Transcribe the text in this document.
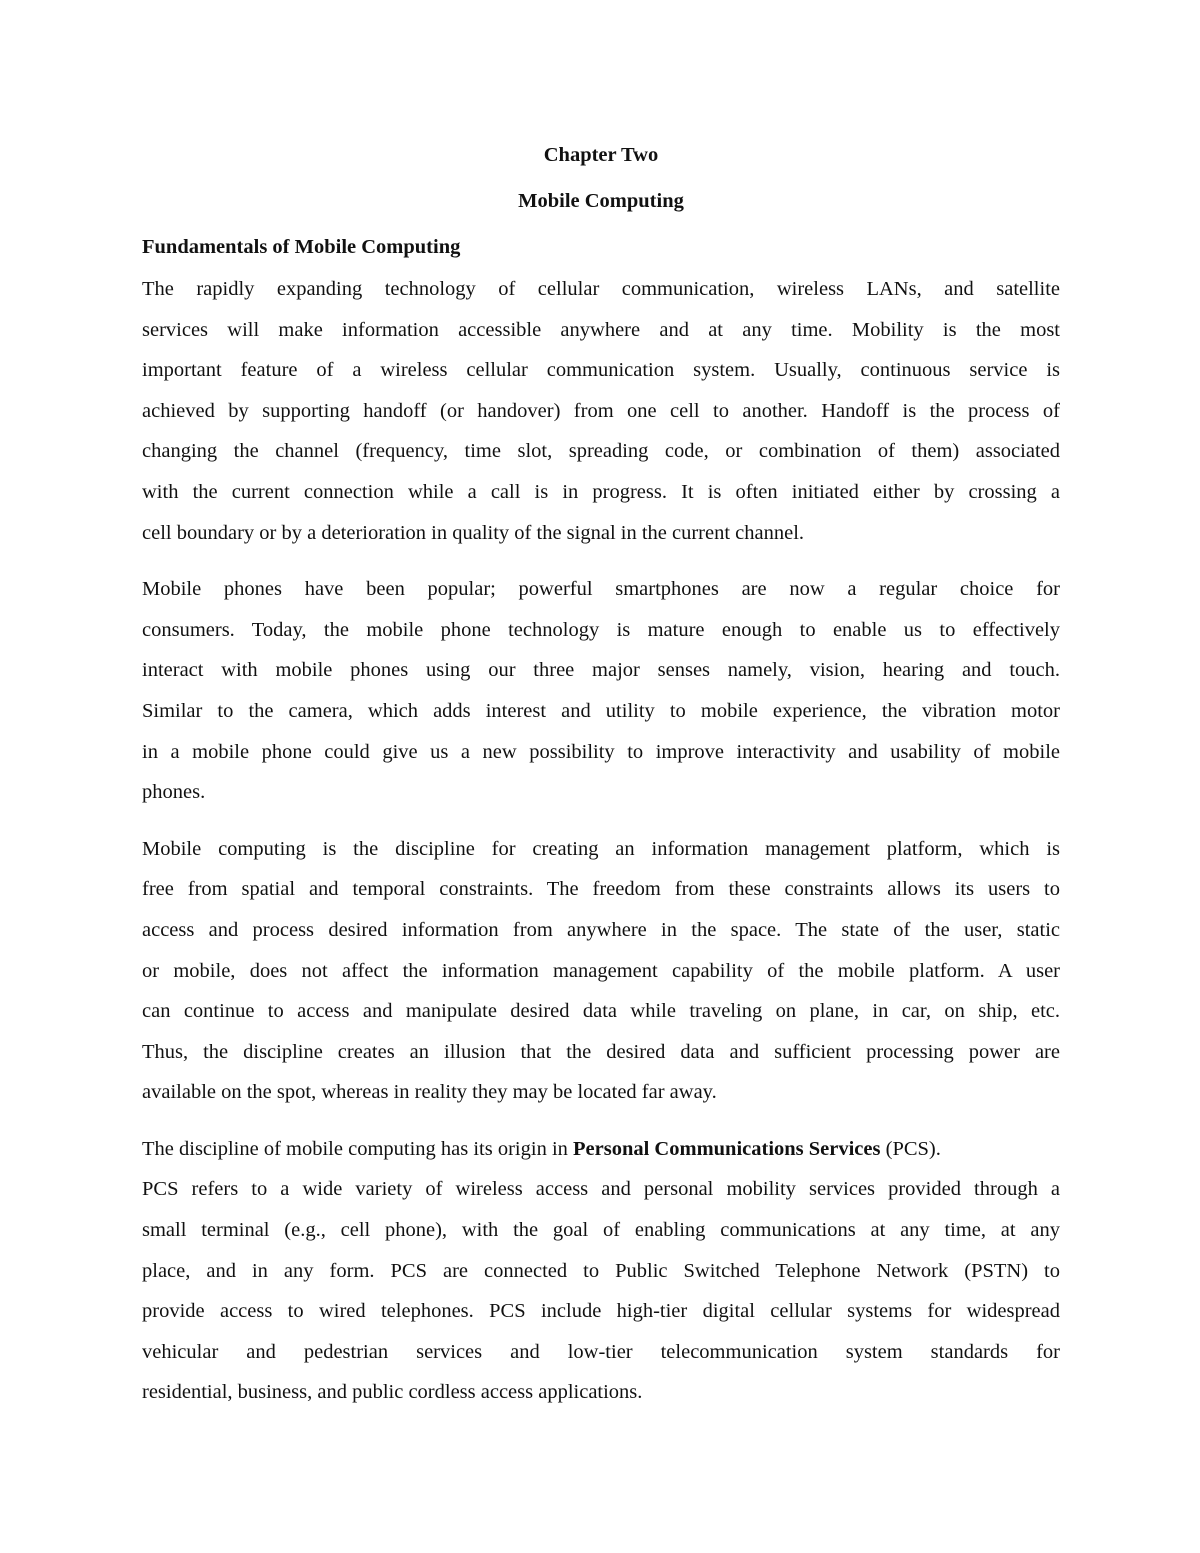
Chapter Two
Mobile Computing
Fundamentals of Mobile Computing
The rapidly expanding technology of cellular communication, wireless LANs, and satellite
services will make information accessible anywhere and at any time. Mobility is the most
important feature of a wireless cellular communication system. Usually, continuous service is
achieved by supporting handoff (or handover) from one cell to another. Handoff is the process of
changing the channel (frequency, time slot, spreading code, or combination of them) associated
with the current connection while a call is in progress. It is often initiated either by crossing a
cell boundary or by a deterioration in quality of the signal in the current channel.
Mobile phones have been popular; powerful smartphones are now a regular choice for
consumers. Today, the mobile phone technology is mature enough to enable us to effectively
interact with mobile phones using our three major senses namely, vision, hearing and touch.
Similar to the camera, which adds interest and utility to mobile experience, the vibration motor
in a mobile phone could give us a new possibility to improve interactivity and usability of mobile
phones.
Mobile computing is the discipline for creating an information management platform, which is
free from spatial and temporal constraints. The freedom from these constraints allows its users to
access and process desired information from anywhere in the space. The state of the user, static
or mobile, does not affect the information management capability of the mobile platform. A user
can continue to access and manipulate desired data while traveling on plane, in car, on ship, etc.
Thus, the discipline creates an illusion that the desired data and sufficient processing power are
available on the spot, whereas in reality they may be located far away.
The discipline of mobile computing has its origin in Personal Communications Services (PCS).
PCS refers to a wide variety of wireless access and personal mobility services provided through a
small terminal (e.g., cell phone), with the goal of enabling communications at any time, at any
place, and in any form. PCS are connected to Public Switched Telephone Network (PSTN) to
provide access to wired telephones. PCS include high-tier digital cellular systems for widespread
vehicular and pedestrian services and low-tier telecommunication system standards for
residential, business, and public cordless access applications.
